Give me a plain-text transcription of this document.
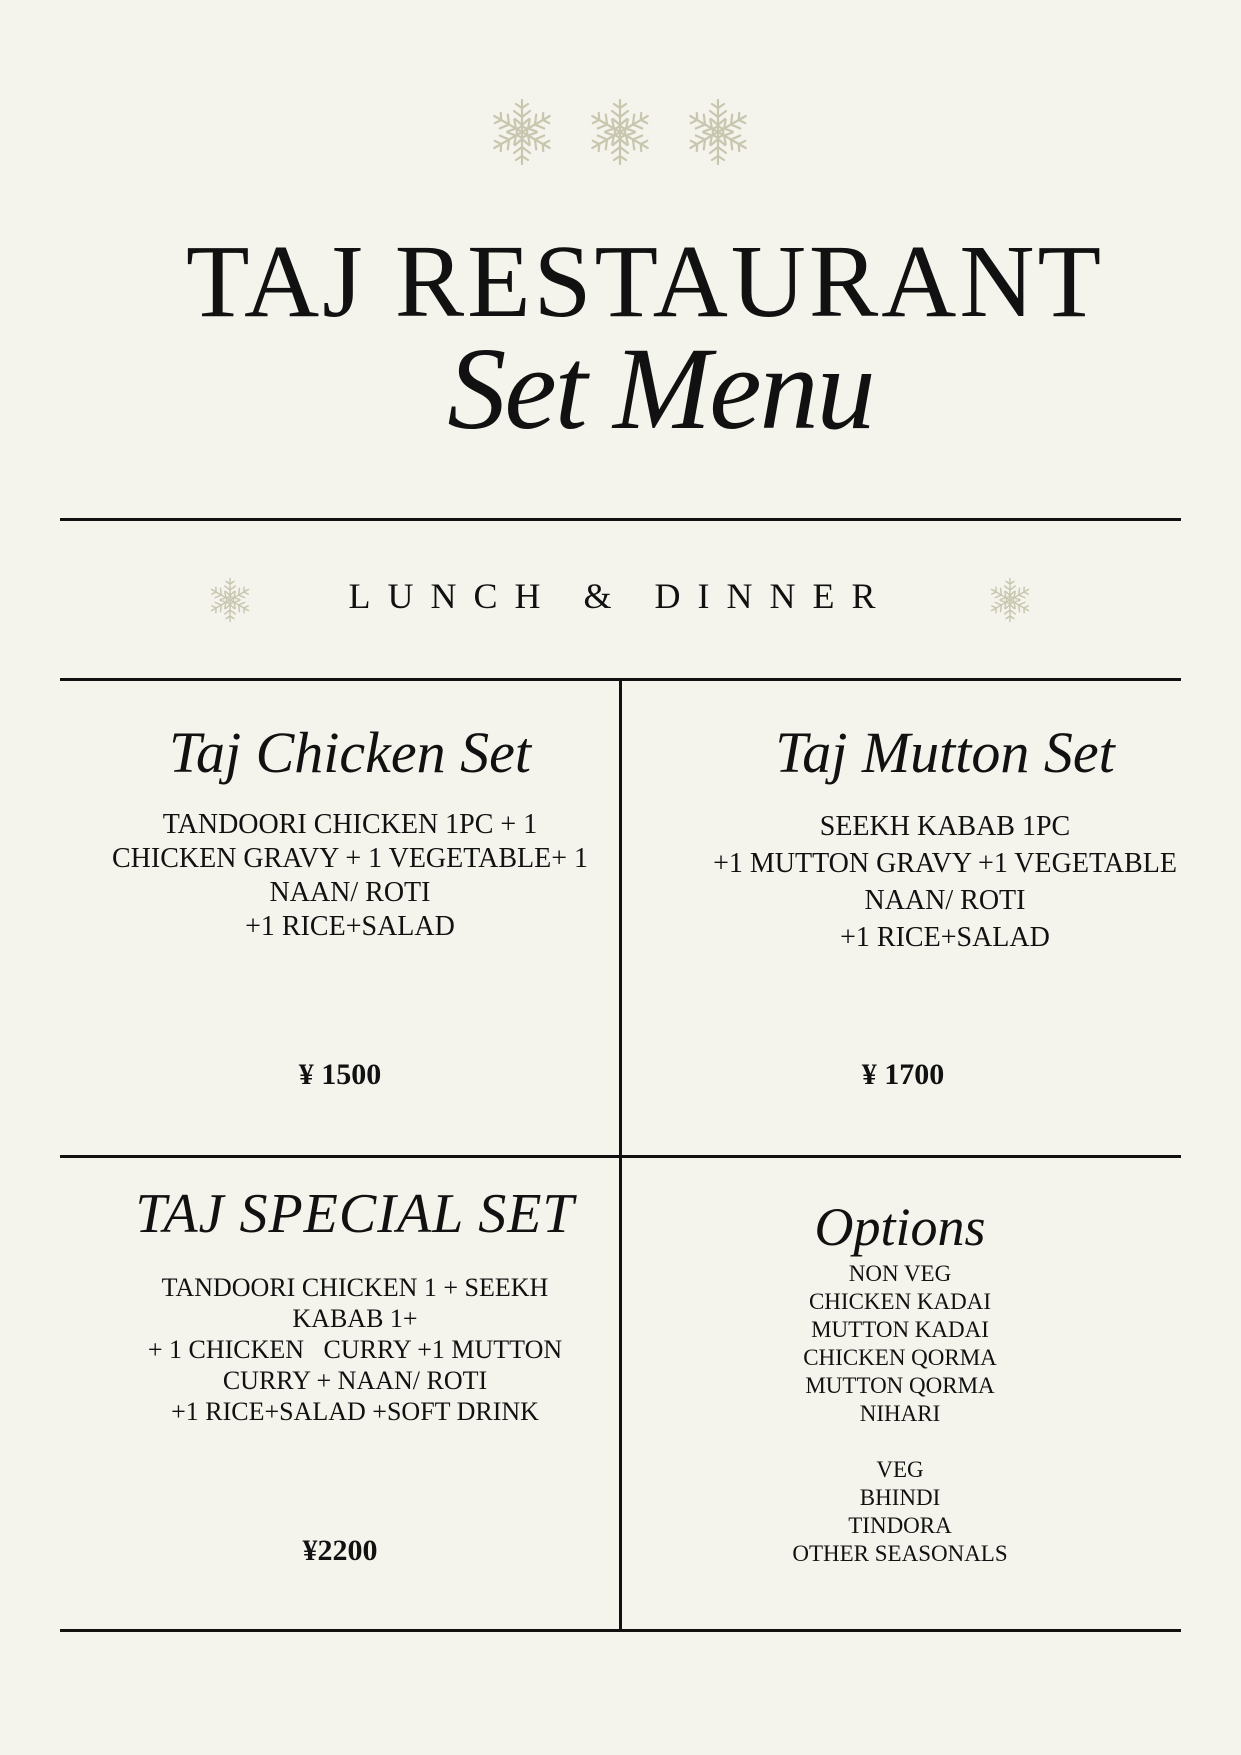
TAJ RESTAURANT
Set Menu
LUNCH & DINNER
Taj Chicken Set
TANDOORI CHICKEN 1PC + 1
CHICKEN GRAVY + 1 VEGETABLE+ 1
NAAN/ ROTI
+1 RICE+SALAD
¥ 1500
Taj Mutton Set
SEEKH KABAB 1PC
+1 MUTTON GRAVY +1 VEGETABLE
NAAN/ ROTI
+1 RICE+SALAD
¥ 1700
TAJ SPECIAL SET
TANDOORI CHICKEN 1 + SEEKH
KABAB 1+
+ 1 CHICKEN   CURRY +1 MUTTON
CURRY + NAAN/ ROTI
+1 RICE+SALAD +SOFT DRINK
¥2200
Options
NON VEG
CHICKEN KADAI
MUTTON KADAI
CHICKEN QORMA
MUTTON QORMA
NIHARI
VEG
BHINDI
TINDORA
OTHER SEASONALS
